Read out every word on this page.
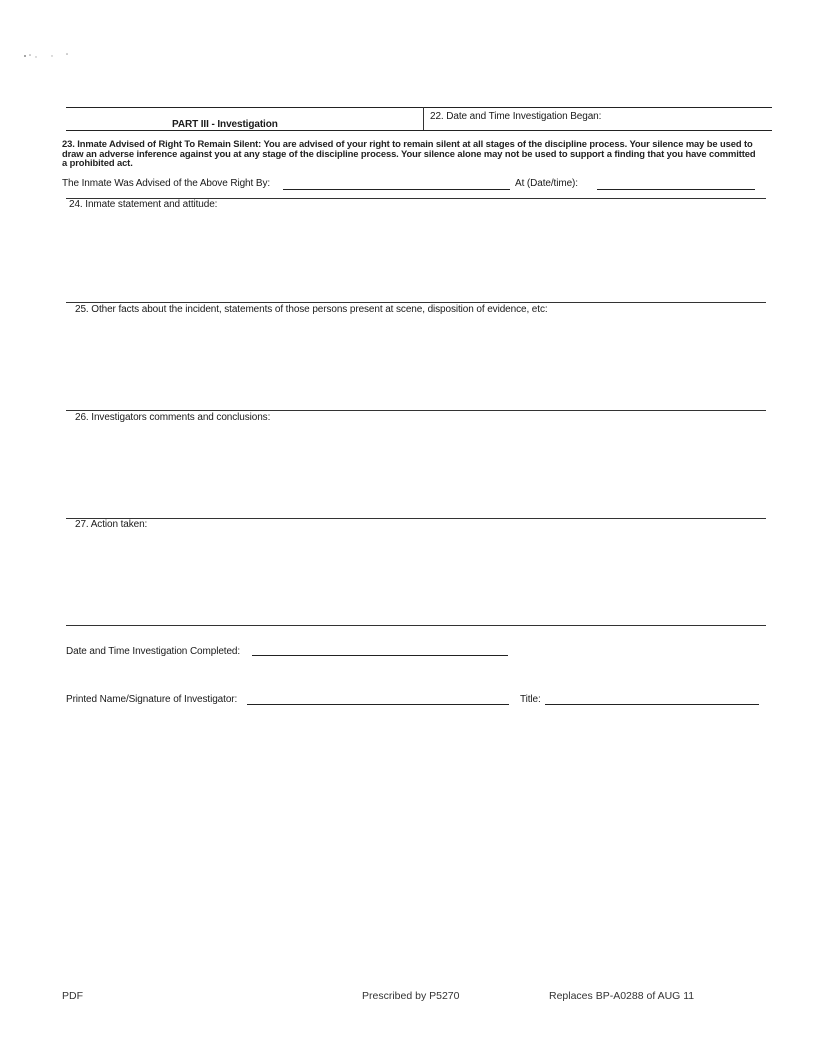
PART III - Investigation
22. Date and Time Investigation Began:
23. Inmate Advised of Right To Remain Silent: You are advised of your right to remain silent at all stages of the discipline process. Your silence may be used to draw an adverse inference against you at any stage of the discipline process. Your silence alone may not be used to support a finding that you have committed a prohibited act.
The Inmate Was Advised of the Above Right By:	At (Date/time):
24. Inmate statement and attitude:
25. Other facts about the incident, statements of those persons present at scene, disposition of evidence, etc:
26. Investigators comments and conclusions:
27. Action taken:
Date and Time Investigation Completed:
Printed Name/Signature of Investigator:	Title:
PDF	Prescribed by P5270	Replaces BP-A0288 of AUG 11
